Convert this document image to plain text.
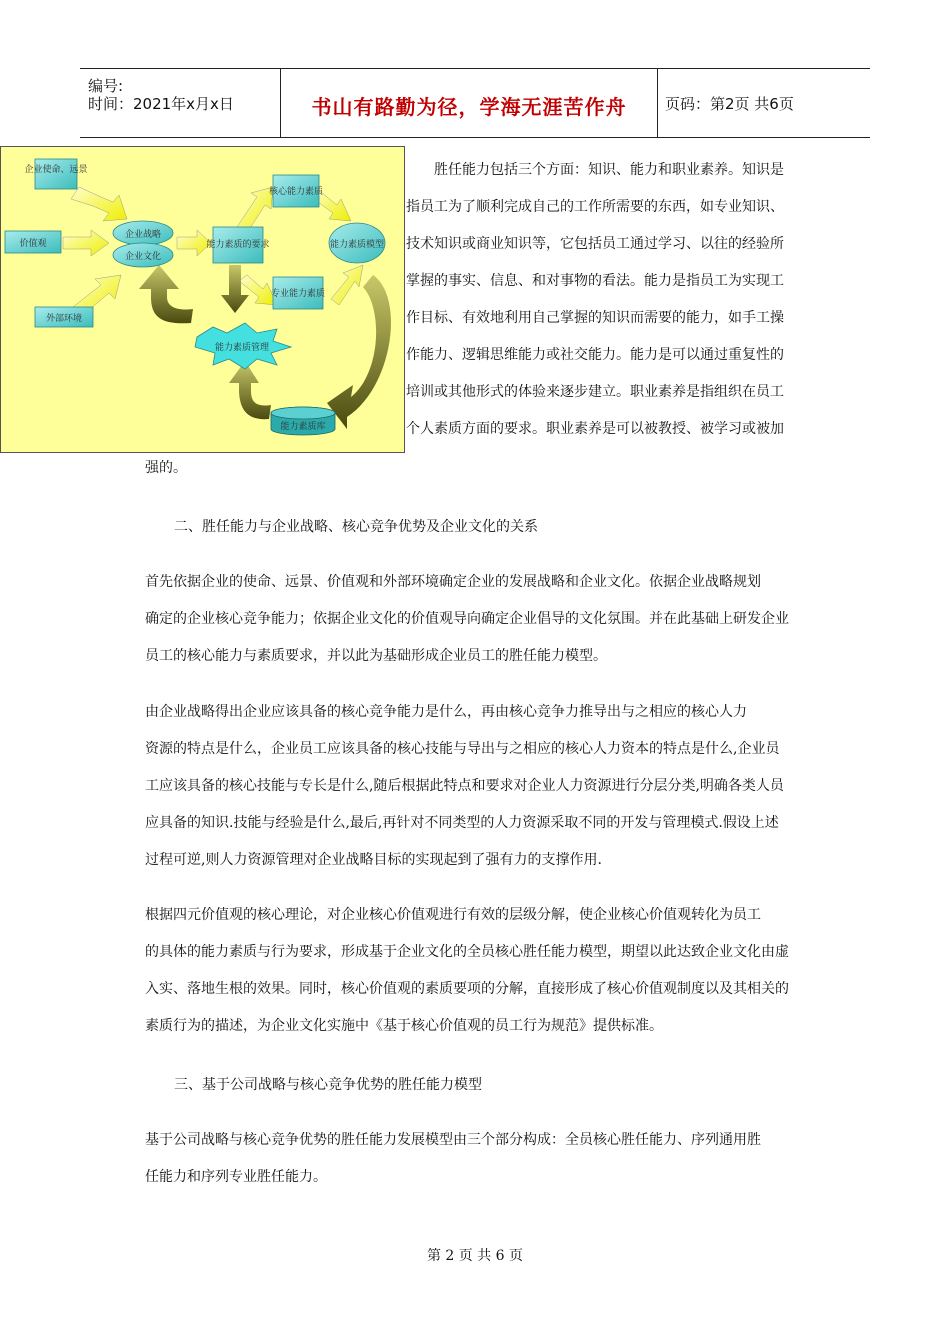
编号:
时间：2021年x月x日	书山有路勤为径，学海无涯苦作舟	页码：第2页 共6页
企业使命、远景
价值观
外部环境
企业战略
企业文化
能力素质的要求
核心能力素质
专业能力素质
能力素质模型
能力素质管理
能力素质库
胜任能力包括三个方面：知识、能力和职业素养。知识是
指员工为了顺利完成自己的工作所需要的东西，如专业知识、
技术知识或商业知识等，它包括员工通过学习、以往的经验所
掌握的事实、信息、和对事物的看法。能力是指员工为实现工
作目标、有效地利用自己掌握的知识而需要的能力，如手工操
作能力、逻辑思维能力或社交能力。能力是可以通过重复性的
培训或其他形式的体验来逐步建立。职业素养是指组织在员工
个人素质方面的要求。职业素养是可以被教授、被学习或被加
强的。
二、胜任能力与企业战略、核心竞争优势及企业文化的关系
首先依据企业的使命、远景、价值观和外部环境确定企业的发展战略和企业文化。依据企业战略规划
确定的企业核心竞争能力；依据企业文化的价值观导向确定企业倡导的文化氛围。并在此基础上研发企业
员工的核心能力与素质要求，并以此为基础形成企业员工的胜任能力模型。
由企业战略得出企业应该具备的核心竞争能力是什么，再由核心竞争力推导出与之相应的核心人力
资源的特点是什么，企业员工应该具备的核心技能与导出与之相应的核心人力资本的特点是什么,企业员
工应该具备的核心技能与专长是什么,随后根据此特点和要求对企业人力资源进行分层分类,明确各类人员
应具备的知识.技能与经验是什么,最后,再针对不同类型的人力资源采取不同的开发与管理模式.假设上述
过程可逆,则人力资源管理对企业战略目标的实现起到了强有力的支撑作用.
根据四元价值观的核心理论，对企业核心价值观进行有效的层级分解，使企业核心价值观转化为员工
的具体的能力素质与行为要求，形成基于企业文化的全员核心胜任能力模型，期望以此达致企业文化由虚
入实、落地生根的效果。同时，核心价值观的素质要项的分解，直接形成了核心价值观制度以及其相关的
素质行为的描述，为企业文化实施中《基于核心价值观的员工行为规范》提供标准。
三、基于公司战略与核心竞争优势的胜任能力模型
基于公司战略与核心竞争优势的胜任能力发展模型由三个部分构成：全员核心胜任能力、序列通用胜
任能力和序列专业胜任能力。
第 2 页 共 6 页
